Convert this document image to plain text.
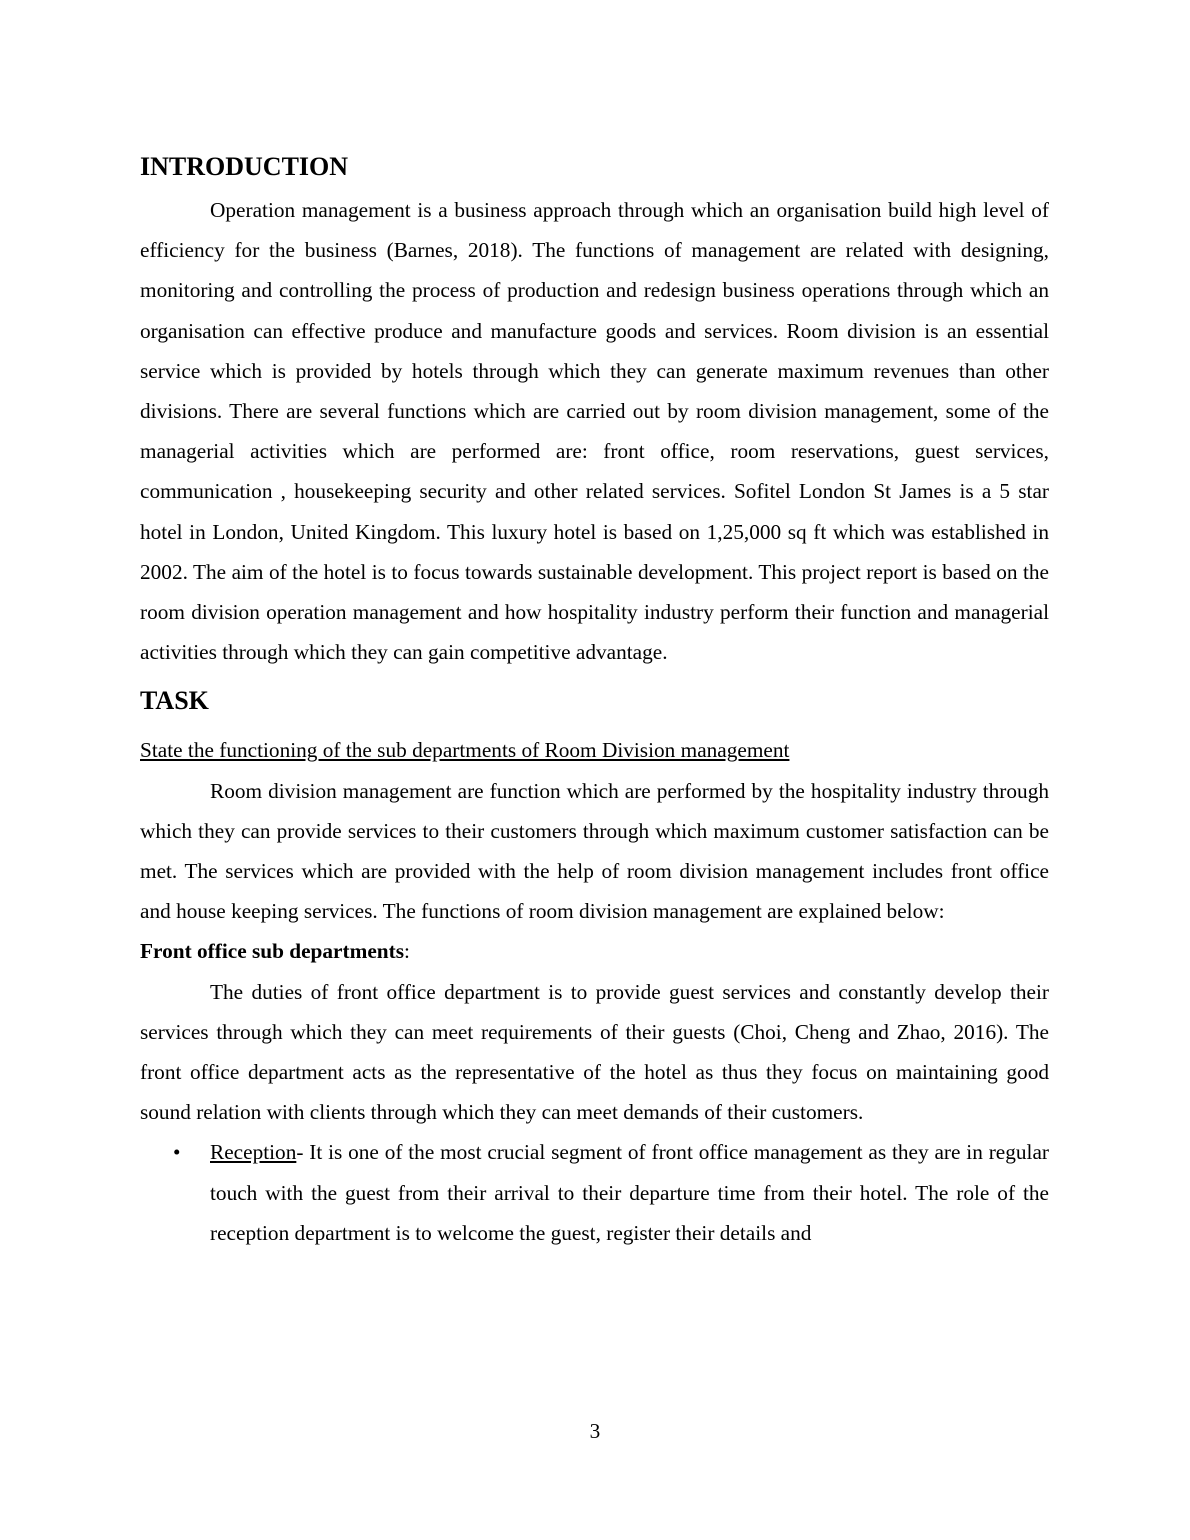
INTRODUCTION

Operation management is a business approach through which an organisation build high level of efficiency for the business (Barnes, 2018). The functions of management are related with designing, monitoring and controlling the process of production and redesign business operations through which an organisation can effective produce and manufacture goods and services. Room division is an essential service which is provided by hotels through which they can generate maximum revenues than other divisions. There are several functions which are carried out by room division management, some of the managerial activities which are performed are: front office, room reservations, guest services, communication , housekeeping security and other related services. Sofitel London St James is a 5 star hotel in London, United Kingdom. This luxury hotel is based on 1,25,000 sq ft which was established in 2002. The aim of the hotel is to focus towards sustainable development. This project report is based on the room division operation management and how hospitality industry perform their function and managerial activities through which they can gain competitive advantage.

TASK

State the functioning of the sub departments of Room Division management

Room division management are function which are performed by the hospitality industry through which they can provide services to their customers through which maximum customer satisfaction can be met. The services which are provided with the help of room division management includes front office and house keeping services. The functions of room division management are explained below:

Front office sub departments:

The duties of front office department is to provide guest services and constantly develop their services through which they can meet requirements of their guests (Choi, Cheng and Zhao, 2016). The front office department acts as the representative of the hotel as thus they focus on maintaining good sound relation with clients through which they can meet demands of their customers.

• Reception- It is one of the most crucial segment of front office management as they are in regular touch with the guest from their arrival to their departure time from their hotel. The role of the reception department is to welcome the guest, register their details and
3
